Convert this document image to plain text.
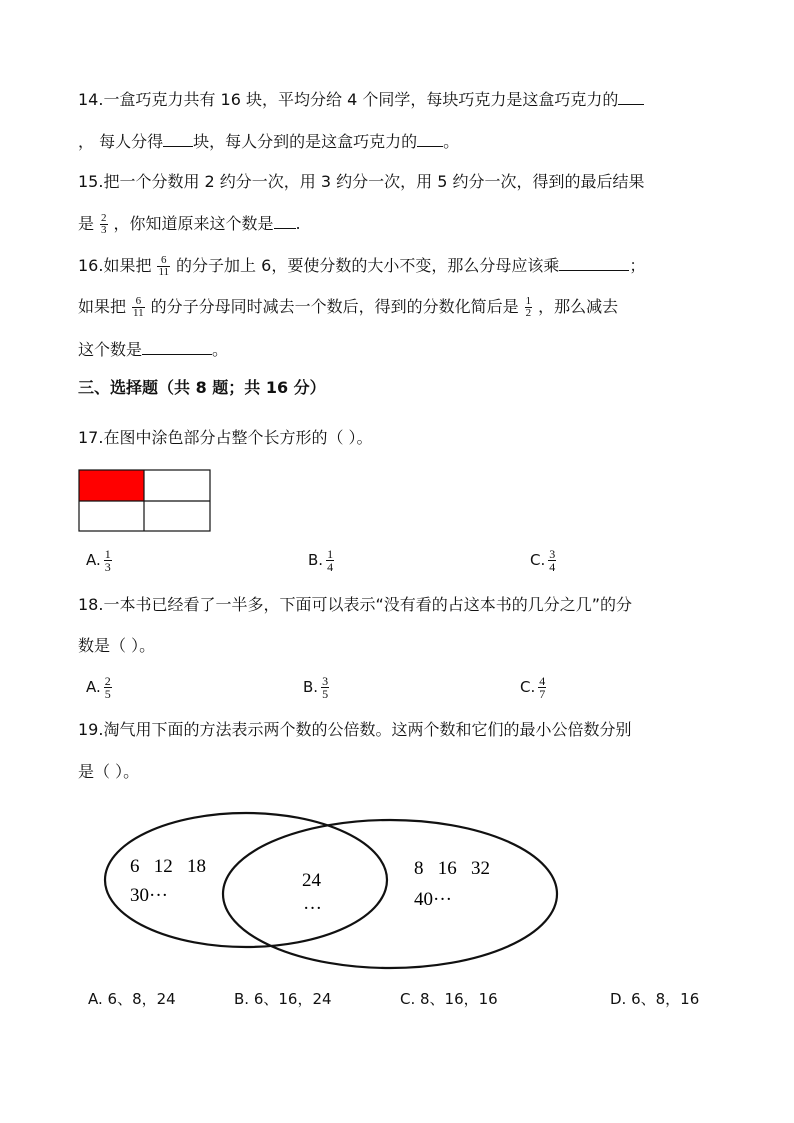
14.一盒巧克力共有 16 块，平均分给 4 个同学，每块巧克力是这盒巧克力的
， 每人分得 块，每人分到的是这盒巧克力的 。
15.把一个分数用 2 约分一次，用 3 约分一次，用 5 约分一次，得到的最后结果
是 $\frac{2}{3}$ ，你知道原来这个数是 .
16.如果把 $\frac{6}{11}$ 的分子加上 6，要使分数的大小不变，那么分母应该乘	；
如果把 $\frac{6}{11}$ 的分子分母同时减去一个数后，得到的分数化简后是 $\frac{1}{2}$ ，那么减去
这个数是	。
三、选择题（共 8 题；共 16 分）
17.在图中涂色部分占整个长方形的（ ）。
A. $\frac{1}{3}$	B. $\frac{1}{4}$	C. $\frac{3}{4}$
18.一本书已经看了一半多，下面可以表示“没有看的占这本书的几分之几”的分
数是（ ）。
A. $\frac{2}{5}$	B. $\frac{3}{5}$	C. $\frac{4}{7}$
19.淘气用下面的方法表示两个数的公倍数。这两个数和它们的最小公倍数分别
是（ ）。
6   12   18
30···
24
···
8   16   32
40···
A. 6、8，24	B. 6、16，24	C. 8、16，16	D. 6、8，16
